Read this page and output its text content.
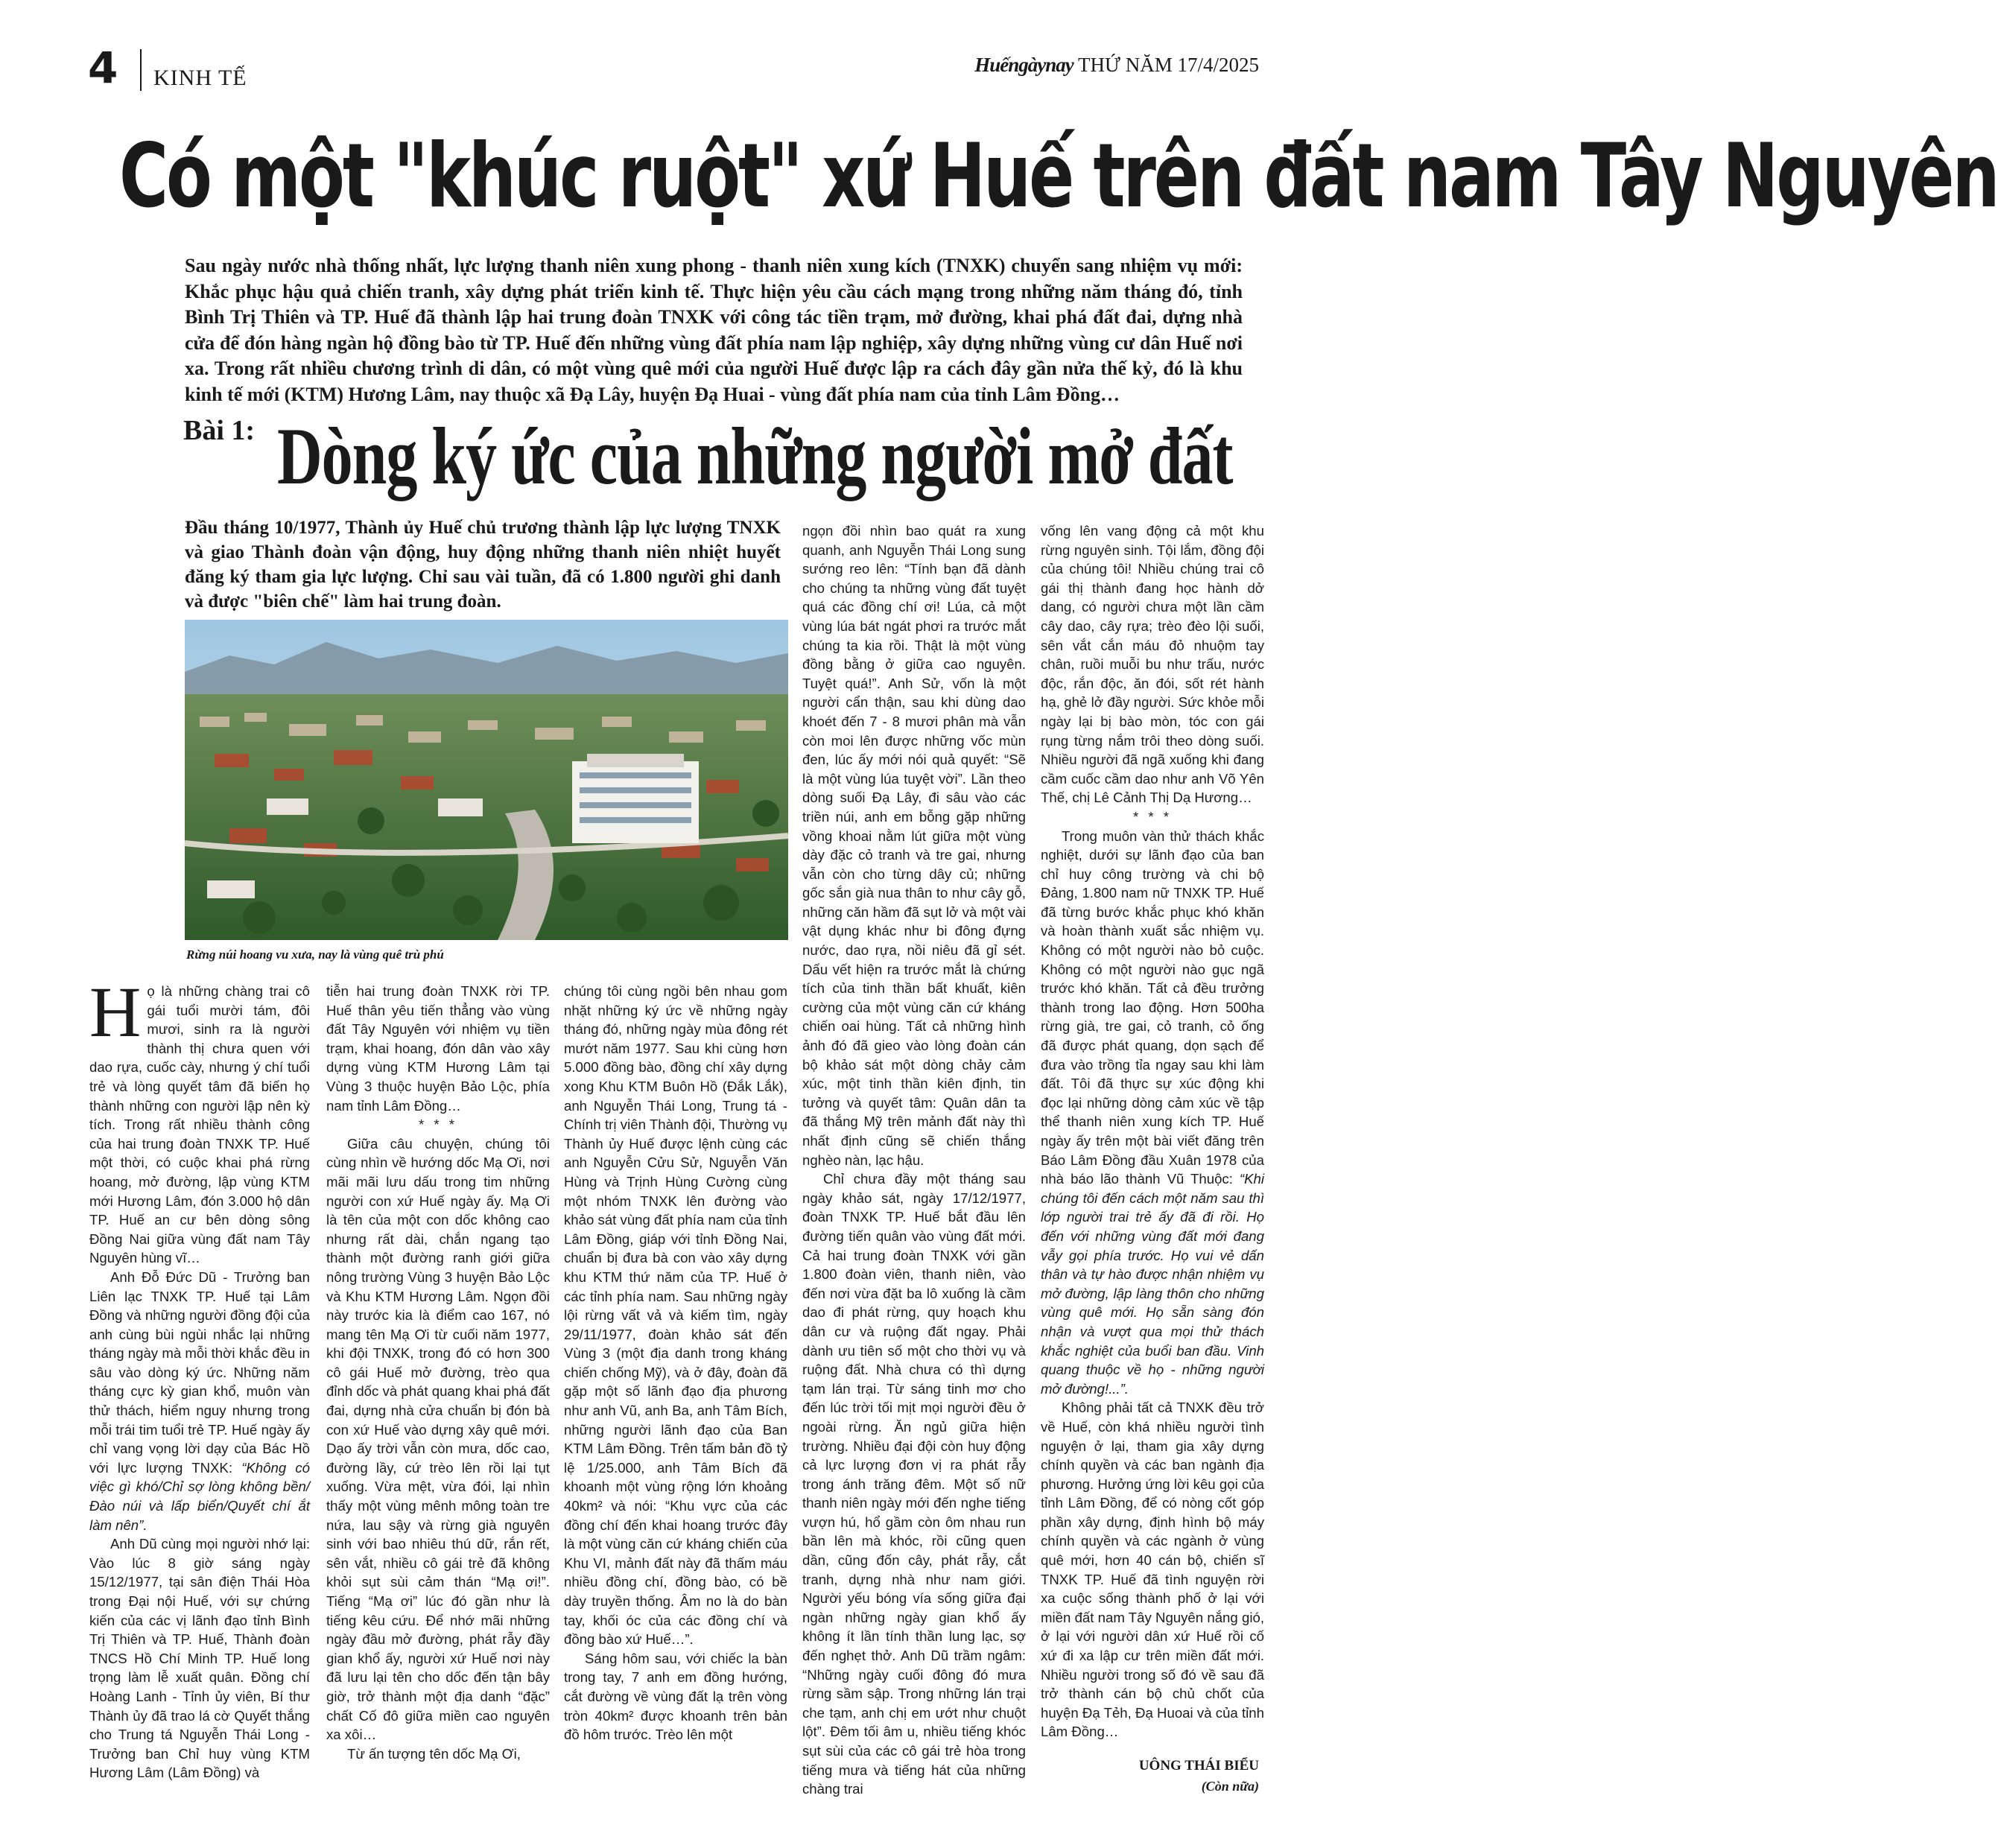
4 KINH TẾ
Huếngàynay THỨ NĂM 17/4/2025
Có một "khúc ruột" xứ Huế trên đất nam Tây Nguyên
Sau ngày nước nhà thống nhất, lực lượng thanh niên xung phong - thanh niên xung kích (TNXK) chuyển sang nhiệm vụ mới: Khắc phục hậu quả chiến tranh, xây dựng phát triển kinh tế. Thực hiện yêu cầu cách mạng trong những năm tháng đó, tỉnh Bình Trị Thiên và TP. Huế đã thành lập hai trung đoàn TNXK với công tác tiền trạm, mở đường, khai phá đất đai, dựng nhà cửa để đón hàng ngàn hộ đồng bào từ TP. Huế đến những vùng đất phía nam lập nghiệp, xây dựng những vùng cư dân Huế nơi xa. Trong rất nhiều chương trình di dân, có một vùng quê mới của người Huế được lập ra cách đây gần nửa thế kỷ, đó là khu kinh tế mới (KTM) Hương Lâm, nay thuộc xã Đạ Lây, huyện Đạ Huai - vùng đất phía nam của tỉnh Lâm Đồng…
Bài 1: Dòng ký ức của những người mở đất
Đầu tháng 10/1977, Thành ủy Huế chủ trương thành lập lực lượng TNXK và giao Thành đoàn vận động, huy động những thanh niên nhiệt huyết đăng ký tham gia lực lượng. Chỉ sau vài tuần, đã có 1.800 người ghi danh và được "biên chế" làm hai trung đoàn.
Rừng núi hoang vu xưa, nay là vùng quê trù phú

Họ là những chàng trai cô gái tuổi mười tám, đôi mươi, sinh ra là người thành thị chưa quen với dao rựa, cuốc cày, nhưng ý chí tuổi trẻ và lòng quyết tâm đã biến họ thành những con người lập nên kỳ tích. Trong rất nhiều thành công của hai trung đoàn TNXK TP. Huế một thời, có cuộc khai phá rừng hoang, mở đường, lập vùng KTM mới Hương Lâm, đón 3.000 hộ dân TP. Huế an cư bên dòng sông Đồng Nai giữa vùng đất nam Tây Nguyên hùng vĩ…

Anh Đỗ Đức Dũ - Trưởng ban Liên lạc TNXK TP. Huế tại Lâm Đồng và những người đồng đội của anh cùng bùi ngùi nhắc lại những tháng ngày mà mỗi thời khắc đều in sâu vào dòng ký ức. Những năm tháng cực kỳ gian khổ, muôn vàn thử thách, hiểm nguy nhưng trong mỗi trái tim tuổi trẻ TP. Huế ngày ấy chỉ vang vọng lời dạy của Bác Hồ với lực lượng TNXK: “Không có việc gì khó/Chỉ sợ lòng không bền/Đào núi và lấp biển/Quyết chí ắt làm nên”.

Anh Dũ cùng mọi người nhớ lại: Vào lúc 8 giờ sáng ngày 15/12/1977, tại sân điện Thái Hòa trong Đại nội Huế, với sự chứng kiến của các vị lãnh đạo tỉnh Bình Trị Thiên và TP. Huế, Thành đoàn TNCS Hồ Chí Minh TP. Huế long trọng làm lễ xuất quân. Đồng chí Hoàng Lanh - Tỉnh ủy viên, Bí thư Thành ủy đã trao lá cờ Quyết thắng cho Trung tá Nguyễn Thái Long - Trưởng ban Chỉ huy vùng KTM Hương Lâm (Lâm Đồng) và

tiễn hai trung đoàn TNXK rời TP. Huế thân yêu tiến thẳng vào vùng đất Tây Nguyên với nhiệm vụ tiền trạm, khai hoang, đón dân vào xây dựng vùng KTM Hương Lâm tại Vùng 3 thuộc huyện Bảo Lộc, phía nam tỉnh Lâm Đồng…

* * *

Giữa câu chuyện, chúng tôi cùng nhìn về hướng dốc Mạ Ơi, nơi mãi mãi lưu dấu trong tim những người con xứ Huế ngày ấy. Mạ Ơi là tên của một con dốc không cao nhưng rất dài, chắn ngang tạo thành một đường ranh giới giữa nông trường Vùng 3 huyện Bảo Lộc và Khu KTM Hương Lâm. Ngọn đồi này trước kia là điểm cao 167, nó mang tên Mạ Ơi từ cuối năm 1977, khi đội TNXK, trong đó có hơn 300 cô gái Huế mở đường, trèo qua đỉnh dốc và phát quang khai phá đất đai, dựng nhà cửa chuẩn bị đón bà con xứ Huế vào dựng xây quê mới. Dạo ấy trời vẫn còn mưa, dốc cao, đường lầy, cứ trèo lên rồi lại tụt xuống. Vừa mệt, vừa đói, lại nhìn thấy một vùng mênh mông toàn tre nứa, lau sậy và rừng già nguyên sinh với bao nhiêu thú dữ, rắn rết, sên vắt, nhiều cô gái trẻ đã không khỏi sụt sùi cảm thán “Mạ ơi!”. Tiếng “Mạ ơi” lúc đó gần như là tiếng kêu cứu. Để nhớ mãi những ngày đầu mở đường, phát rẫy đầy gian khổ ấy, người xứ Huế nơi này đã lưu lại tên cho dốc đến tận bây giờ, trở thành một địa danh “đặc” chất Cố đô giữa miền cao nguyên xa xôi…

Từ ấn tượng tên dốc Mạ Ơi,

chúng tôi cùng ngồi bên nhau gom nhặt những ký ức về những ngày tháng đó, những ngày mùa đông rét mướt năm 1977. Sau khi cùng hơn 5.000 đồng bào, đồng chí xây dựng xong Khu KTM Buôn Hồ (Đắk Lắk), anh Nguyễn Thái Long, Trung tá - Chính trị viên Thành đội, Thường vụ Thành ủy Huế được lệnh cùng các anh Nguyễn Cửu Sử, Nguyễn Văn Hùng và Trịnh Hùng Cường cùng một nhóm TNXK lên đường vào khảo sát vùng đất phía nam của tỉnh Lâm Đồng, giáp với tỉnh Đồng Nai, chuẩn bị đưa bà con vào xây dựng khu KTM thứ năm của TP. Huế ở các tỉnh phía nam. Sau những ngày lội rừng vất vả và kiếm tìm, ngày 29/11/1977, đoàn khảo sát đến Vùng 3 (một địa danh trong kháng chiến chống Mỹ), và ở đây, đoàn đã gặp một số lãnh đạo địa phương như anh Vũ, anh Ba, anh Tâm Bích, những người lãnh đạo của Ban KTM Lâm Đồng. Trên tấm bản đồ tỷ lệ 1/25.000, anh Tâm Bích đã khoanh một vùng rộng lớn khoảng 40km² và nói: “Khu vực của các đồng chí đến khai hoang trước đây là một vùng căn cứ kháng chiến của Khu VI, mảnh đất này đã thấm máu nhiều đồng chí, đồng bào, có bề dày truyền thống. Âm no là do bàn tay, khối óc của các đồng chí và đồng bào xứ Huế…”.

Sáng hôm sau, với chiếc la bàn trong tay, 7 anh em đồng hướng, cắt đường về vùng đất lạ trên vòng tròn 40km² được khoanh trên bản đồ hôm trước. Trèo lên một

ngọn đồi nhìn bao quát ra xung quanh, anh Nguyễn Thái Long sung sướng reo lên: “Tính bạn đã dành cho chúng ta những vùng đất tuyệt quá các đồng chí ơi! Lúa, cả một vùng lúa bát ngát phơi ra trước mắt chúng ta kia rồi. Thật là một vùng đồng bằng ở giữa cao nguyên. Tuyệt quá!”. Anh Sử, vốn là một người cẩn thận, sau khi dùng dao khoét đến 7 - 8 mươi phân mà vẫn còn moi lên được những vốc mùn đen, lúc ấy mới nói quả quyết: “Sẽ là một vùng lúa tuyệt vời”. Lần theo dòng suối Đạ Lây, đi sâu vào các triền núi, anh em bỗng gặp những vồng khoai nằm lút giữa một vùng dày đặc cỏ tranh và tre gai, nhưng vẫn còn cho từng dây củ; những gốc sắn già nua thân to như cây gỗ, những căn hầm đã sụt lở và một vài vật dụng khác như bi đông đựng nước, dao rựa, nồi niêu đã gỉ sét. Dấu vết hiện ra trước mắt là chứng tích của tinh thần bất khuất, kiên cường của một vùng căn cứ kháng chiến oai hùng. Tất cả những hình ảnh đó đã gieo vào lòng đoàn cán bộ khảo sát một dòng chảy cảm xúc, một tinh thần kiên định, tin tưởng và quyết tâm: Quân dân ta đã thắng Mỹ trên mảnh đất này thì nhất định cũng sẽ chiến thắng nghèo nàn, lạc hậu.

Chỉ chưa đầy một tháng sau ngày khảo sát, ngày 17/12/1977, đoàn TNXK TP. Huế bắt đầu lên đường tiến quân vào vùng đất mới. Cả hai trung đoàn TNXK với gần 1.800 đoàn viên, thanh niên, vào đến nơi vừa đặt ba lô xuống là cầm dao đi phát rừng, quy hoạch khu dân cư và ruộng đất ngay. Phải dành ưu tiên số một cho thời vụ và ruộng đất. Nhà chưa có thì dựng tạm lán trại. Từ sáng tinh mơ cho đến lúc trời tối mịt mọi người đều ở ngoài rừng. Ăn ngủ giữa hiện trường. Nhiều đại đội còn huy động cả lực lượng đơn vị ra phát rẫy trong ánh trăng đêm. Một số nữ thanh niên ngày mới đến nghe tiếng vượn hú, hổ gầm còn ôm nhau run bần lên mà khóc, rồi cũng quen dần, cũng đốn cây, phát rẫy, cắt tranh, dựng nhà như nam giới. Người yếu bóng vía sống giữa đại ngàn những ngày gian khổ ấy không ít lần tính thần lung lạc, sợ đến nghẹt thở. Anh Dũ trầm ngâm: “Những ngày cuối đông đó mưa rừng sầm sập. Trong những lán trại che tạm, anh chị em ướt như chuột lột”. Đêm tối âm u, nhiều tiếng khóc sụt sùi của các cô gái trẻ hòa trong tiếng mưa và tiếng hát của những chàng trai

vống lên vang động cả một khu rừng nguyên sinh. Tội lắm, đồng đội của chúng tôi! Nhiều chúng trai cô gái thị thành đang học hành dở dang, có người chưa một lần cầm cây dao, cây rựa; trèo đèo lội suối, sên vắt cắn máu đỏ nhuộm tay chân, ruồi muỗi bu như trấu, nước độc, rắn độc, ăn đói, sốt rét hành hạ, ghẻ lở đầy người. Sức khỏe mỗi ngày lại bị bào mòn, tóc con gái rụng từng nắm trôi theo dòng suối. Nhiều người đã ngã xuống khi đang cầm cuốc cầm dao như anh Võ Yên Thế, chị Lê Cảnh Thị Dạ Hương…

* * *

Trong muôn vàn thử thách khắc nghiệt, dưới sự lãnh đạo của ban chỉ huy công trường và chi bộ Đảng, 1.800 nam nữ TNXK TP. Huế đã từng bước khắc phục khó khăn và hoàn thành xuất sắc nhiệm vụ. Không có một người nào bỏ cuộc. Không có một người nào gục ngã trước khó khăn. Tất cả đều trưởng thành trong lao động. Hơn 500ha rừng già, tre gai, cỏ tranh, cỏ ống đã được phát quang, dọn sạch để đưa vào trồng tỉa ngay sau khi làm đất. Tôi đã thực sự xúc động khi đọc lại những dòng cảm xúc về tập thể thanh niên xung kích TP. Huế ngày ấy trên một bài viết đăng trên Báo Lâm Đồng đầu Xuân 1978 của nhà báo lão thành Vũ Thuộc: “Khi chúng tôi đến cách một năm sau thì lớp người trai trẻ ấy đã đi rồi. Họ đến với những vùng đất mới đang vẫy gọi phía trước. Họ vui vẻ dấn thân và tự hào được nhận nhiệm vụ mở đường, lập làng thôn cho những vùng quê mới. Họ sẵn sàng đón nhận và vượt qua mọi thử thách khắc nghiệt của buổi ban đầu. Vinh quang thuộc về họ - những người mở đường!...”.

Không phải tất cả TNXK đều trở về Huế, còn khá nhiều người tình nguyện ở lại, tham gia xây dựng chính quyền và các ban ngành địa phương. Hưởng ứng lời kêu gọi của tỉnh Lâm Đồng, để có nòng cốt góp phần xây dựng, định hình bộ máy chính quyền và các ngành ở vùng quê mới, hơn 40 cán bộ, chiến sĩ TNXK TP. Huế đã tình nguyện rời xa cuộc sống thành phố ở lại với miền đất nam Tây Nguyên nắng gió, ở lại với người dân xứ Huế rồi cố xứ đi xa lập cư trên miền đất mới. Nhiều người trong số đó về sau đã trở thành cán bộ chủ chốt của huyện Đạ Tẻh, Đạ Huoai và của tỉnh Lâm Đồng…

UÔNG THÁI BIỂU
(Còn nữa)
